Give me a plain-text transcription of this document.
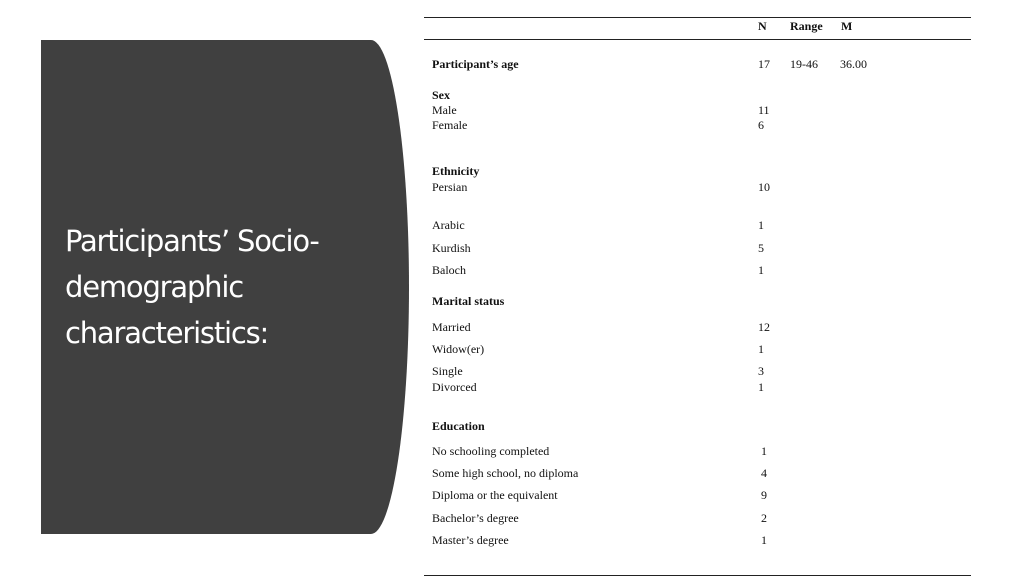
Participants’ Socio-
demographic
characteristics:
N Range M
Participant’s age	17 19-46 36.00
Sex
Male	11
Female	6
Ethnicity
Persian	10
Arabic	1
Kurdish	5
Baloch	1
Marital status
Married	12
Widow(er)	1
Single	3
Divorced	1
Education
No schooling completed	1
Some high school, no diploma	4
Diploma or the equivalent	9
Bachelor’s degree	2
Master’s degree	1
